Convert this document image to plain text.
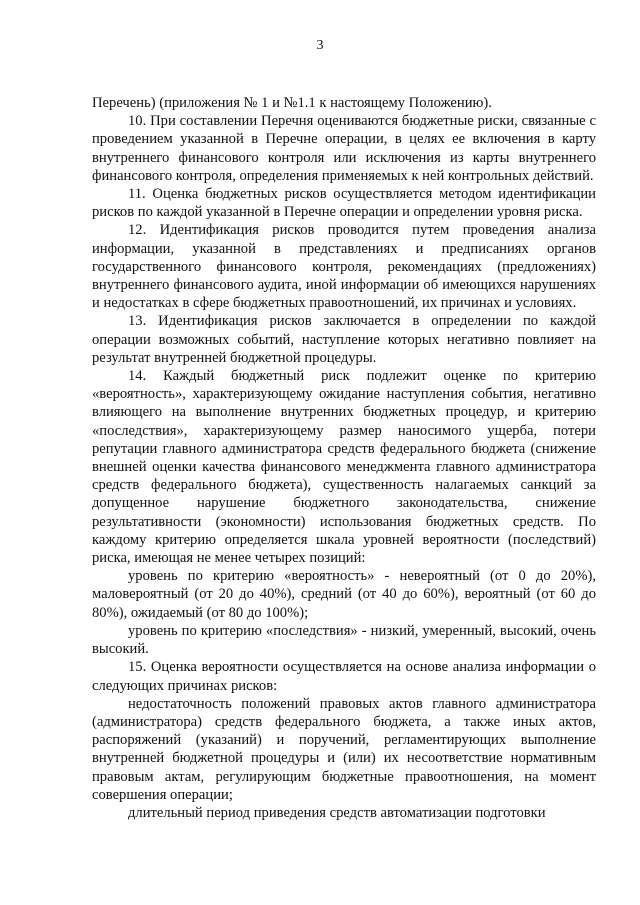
3

Перечень) (приложения № 1 и №1.1 к настоящему Положению).

10. При составлении Перечня оцениваются бюджетные риски, связанные с проведением указанной в Перечне операции, в целях ее включения в карту внутреннего финансового контроля или исключения из карты внутреннего финансового контроля, определения применяемых к ней контрольных действий.

11. Оценка бюджетных рисков осуществляется методом идентификации рисков по каждой указанной в Перечне операции и определении уровня риска.

12. Идентификация рисков проводится путем проведения анализа информации, указанной в представлениях и предписаниях органов государственного финансового контроля, рекомендациях (предложениях) внутреннего финансового аудита, иной информации об имеющихся нарушениях и недостатках в сфере бюджетных правоотношений, их причинах и условиях.

13. Идентификация рисков заключается в определении по каждой операции возможных событий, наступление которых негативно повлияет на результат внутренней бюджетной процедуры.

14. Каждый бюджетный риск подлежит оценке по критерию «вероятность», характеризующему ожидание наступления события, негативно влияющего на выполнение внутренних бюджетных процедур, и критерию «последствия», характеризующему размер наносимого ущерба, потери репутации главного администратора средств федерального бюджета (снижение внешней оценки качества финансового менеджмента главного администратора средств федерального бюджета), существенность налагаемых санкций за допущенное нарушение бюджетного законодательства, снижение результативности (экономности) использования бюджетных средств. По каждому критерию определяется шкала уровней вероятности (последствий) риска, имеющая не менее четырех позиций:

уровень по критерию «вероятность» - невероятный (от 0 до 20%), маловероятный (от 20 до 40%), средний (от 40 до 60%), вероятный (от 60 до 80%), ожидаемый (от 80 до 100%);

уровень по критерию «последствия» - низкий, умеренный, высокий, очень высокий.

15. Оценка вероятности осуществляется на основе анализа информации о следующих причинах рисков:

недостаточность положений правовых актов главного администратора (администратора) средств федерального бюджета, а также иных актов, распоряжений (указаний) и поручений, регламентирующих выполнение внутренней бюджетной процедуры и (или) их несоответствие нормативным правовым актам, регулирующим бюджетные правоотношения, на момент совершения операции;

длительный период приведения средств автоматизации подготовки
